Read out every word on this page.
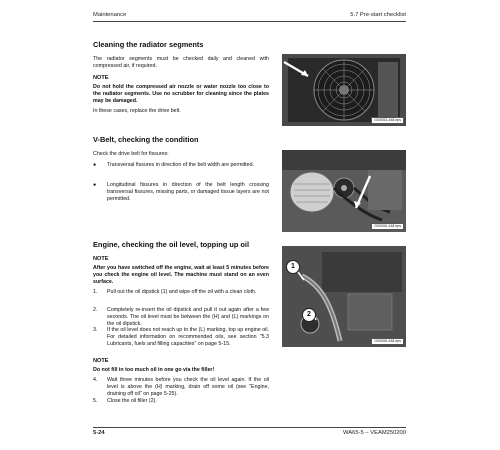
Maintenance	5.7 Pre-start checklist
Cleaning the radiator segments
The radiator segments must be checked daily and cleaned with compressed air, if required.
NOTE
Do not hold the compressed air nozzle or water nozzle too close to the radiator segments. Use no scrubber for cleaning since the plates may be damaged.
In these cases, replace the drive belt.
G00053-448.eps
V-Belt, checking the condition
Check the drive belt for fissures:
●	Transversal fissures in direction of the belt width are permitted.
●	Longitudinal fissures in direction of the belt length crossing transversal fissures, missing parts, or damaged tissue layers are not permitted.
G00050-448.eps
Engine, checking the oil level, topping up oil
NOTE
After you have switched off the engine, wait at least 5 minutes before you check the engine oil level. The machine must stand on an even surface.
1.	Pull out the oil dipstick (1) and wipe off the oil with a clean cloth.
2.	Completely re-insert the oil dipstick and pull it out again after a few seconds. The oil level must be between the (H) and (L) markings on the oil dipstick.
3.	If the oil level does not reach up to the (L) marking, top up engine oil. For detailed information on recommended oils, see section "5.3 Lubricants, fuels and filling capacities" on page 5-15.
NOTE
Do not fill in too much oil in one go via the filler!
4.	Wait three minutes before you check the oil level again. If the oil level is above the (H) marking, drain off some oil (see "Engine, draining off oil" on page 5-25).
5.	Close the oil filler (2).
1
2
G00050-448.eps
5-24	WA65-5 – VEAM250200
